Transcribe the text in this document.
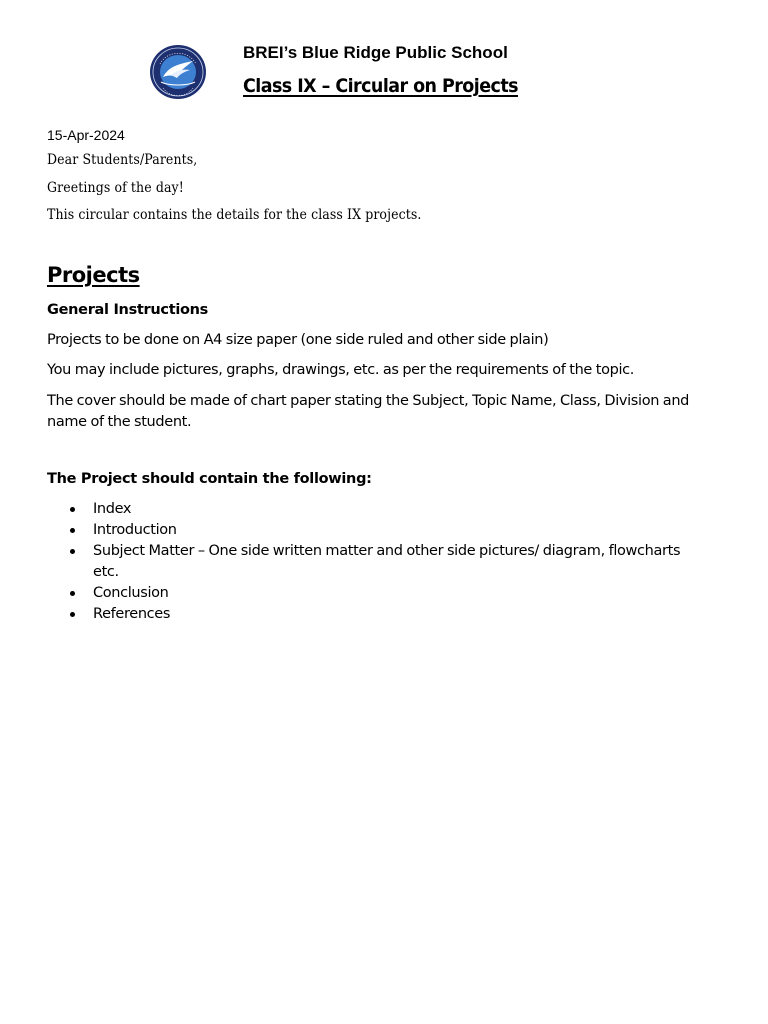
BREI’s Blue Ridge Public School
Class IX – Circular on Projects
15-Apr-2024
Dear Students/Parents,
Greetings of the day!
This circular contains the details for the class IX projects.
Projects
General Instructions
Projects to be done on A4 size paper (one side ruled and other side plain)
You may include pictures, graphs, drawings, etc. as per the requirements of the topic.
The cover should be made of chart paper stating the Subject, Topic Name, Class, Division and name of the student.
The Project should contain the following:
Index
Introduction
Subject Matter – One side written matter and other side pictures/ diagram, flowcharts etc.
Conclusion
References
